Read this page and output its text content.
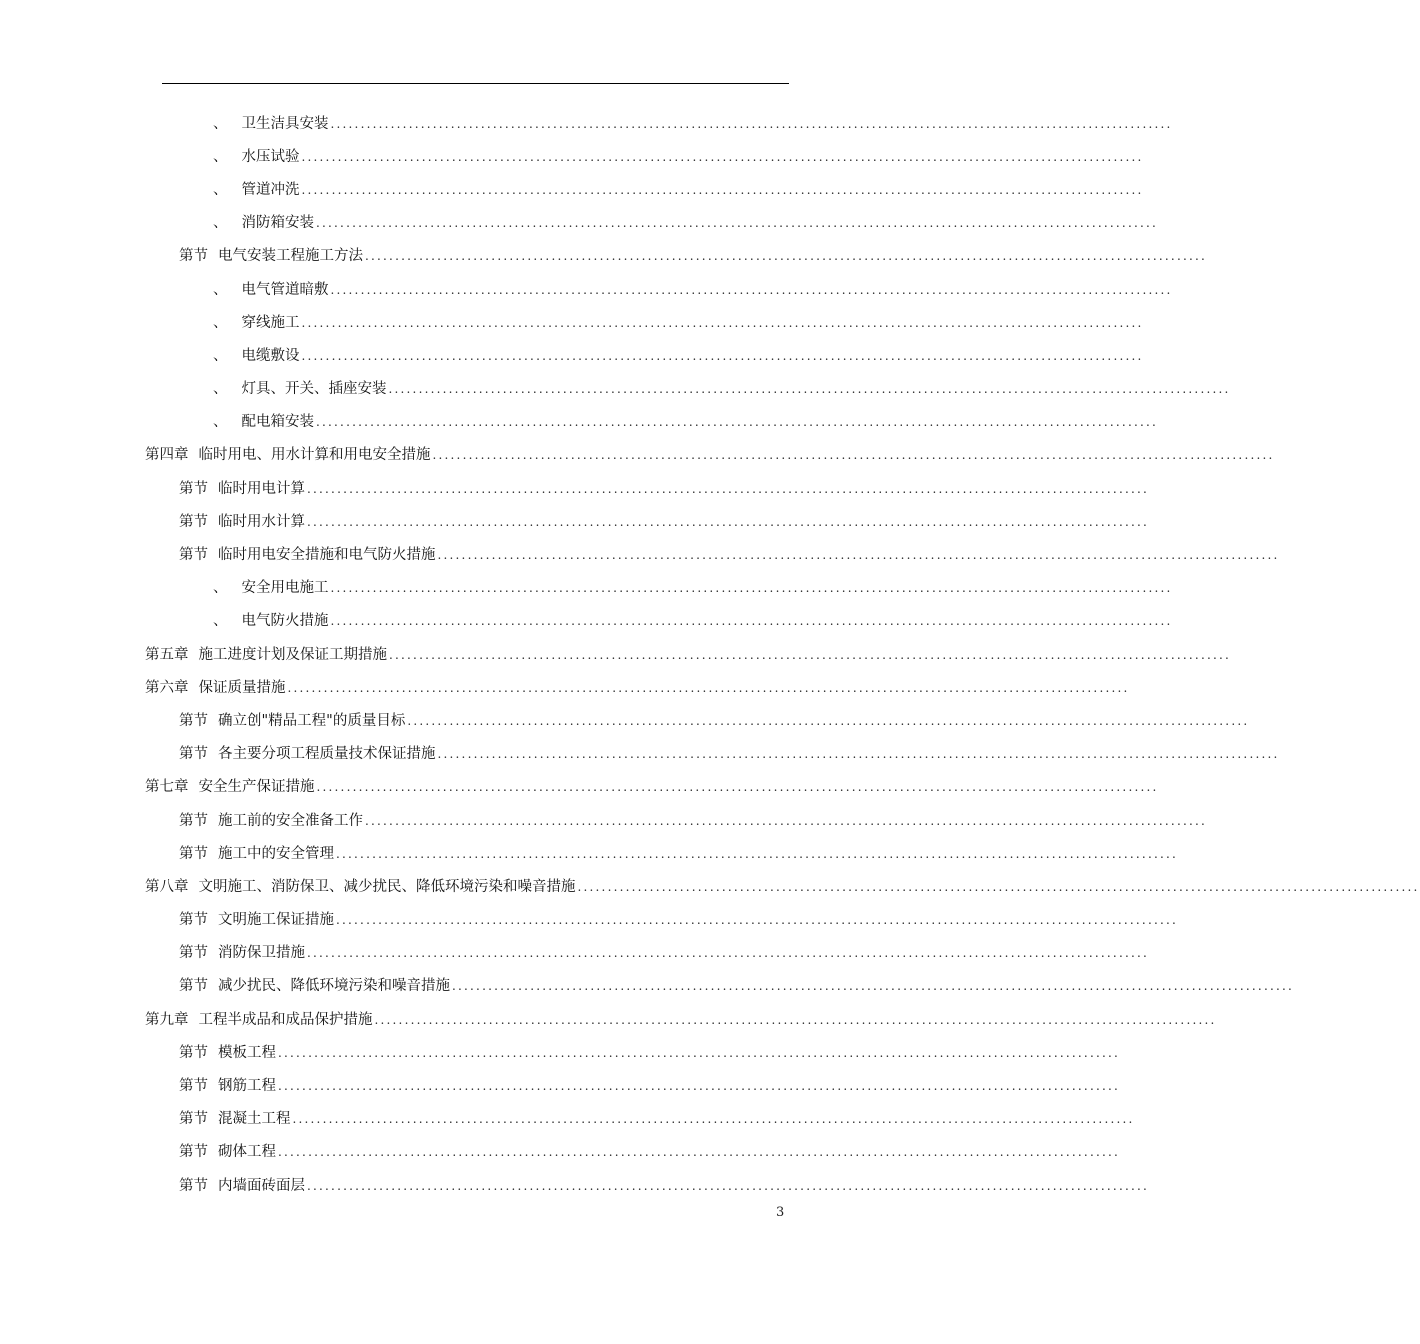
、 卫生洁具安装 ............................................................................................................................................
、 水压试验 ............................................................................................................................................
、 管道冲洗 ............................................................................................................................................
、 消防箱安装 ............................................................................................................................................
第节 电气安装工程施工方法 ............................................................................................................................................
、 电气管道暗敷 ............................................................................................................................................
、 穿线施工 ............................................................................................................................................
、 电缆敷设 ............................................................................................................................................
、 灯具、开关、插座安装 ............................................................................................................................................
、 配电箱安装 ............................................................................................................................................
第四章 临时用电、用水计算和用电安全措施 ............................................................................................................................................
第节 临时用电计算 ............................................................................................................................................
第节 临时用水计算 ............................................................................................................................................
第节 临时用电安全措施和电气防火措施 ............................................................................................................................................
、 安全用电施工 ............................................................................................................................................
、 电气防火措施 ............................................................................................................................................
第五章 施工进度计划及保证工期措施 ............................................................................................................................................
第六章 保证质量措施 ............................................................................................................................................
第节 确立创"精品工程"的质量目标 ............................................................................................................................................
第节 各主要分项工程质量技术保证措施 ............................................................................................................................................
第七章 安全生产保证措施 ............................................................................................................................................
第节 施工前的安全准备工作 ............................................................................................................................................
第节 施工中的安全管理 ............................................................................................................................................
第八章 文明施工、消防保卫、减少扰民、降低环境污染和噪音措施 ............................................................................................................................................
第节 文明施工保证措施 ............................................................................................................................................
第节 消防保卫措施 ............................................................................................................................................
第节 减少扰民、降低环境污染和噪音措施 ............................................................................................................................................
第九章 工程半成品和成品保护措施 ............................................................................................................................................
第节 模板工程 ............................................................................................................................................
第节 钢筋工程 ............................................................................................................................................
第节 混凝土工程 ............................................................................................................................................
第节 砌体工程 ............................................................................................................................................
第节 内墙面砖面层 ............................................................................................................................................
3
